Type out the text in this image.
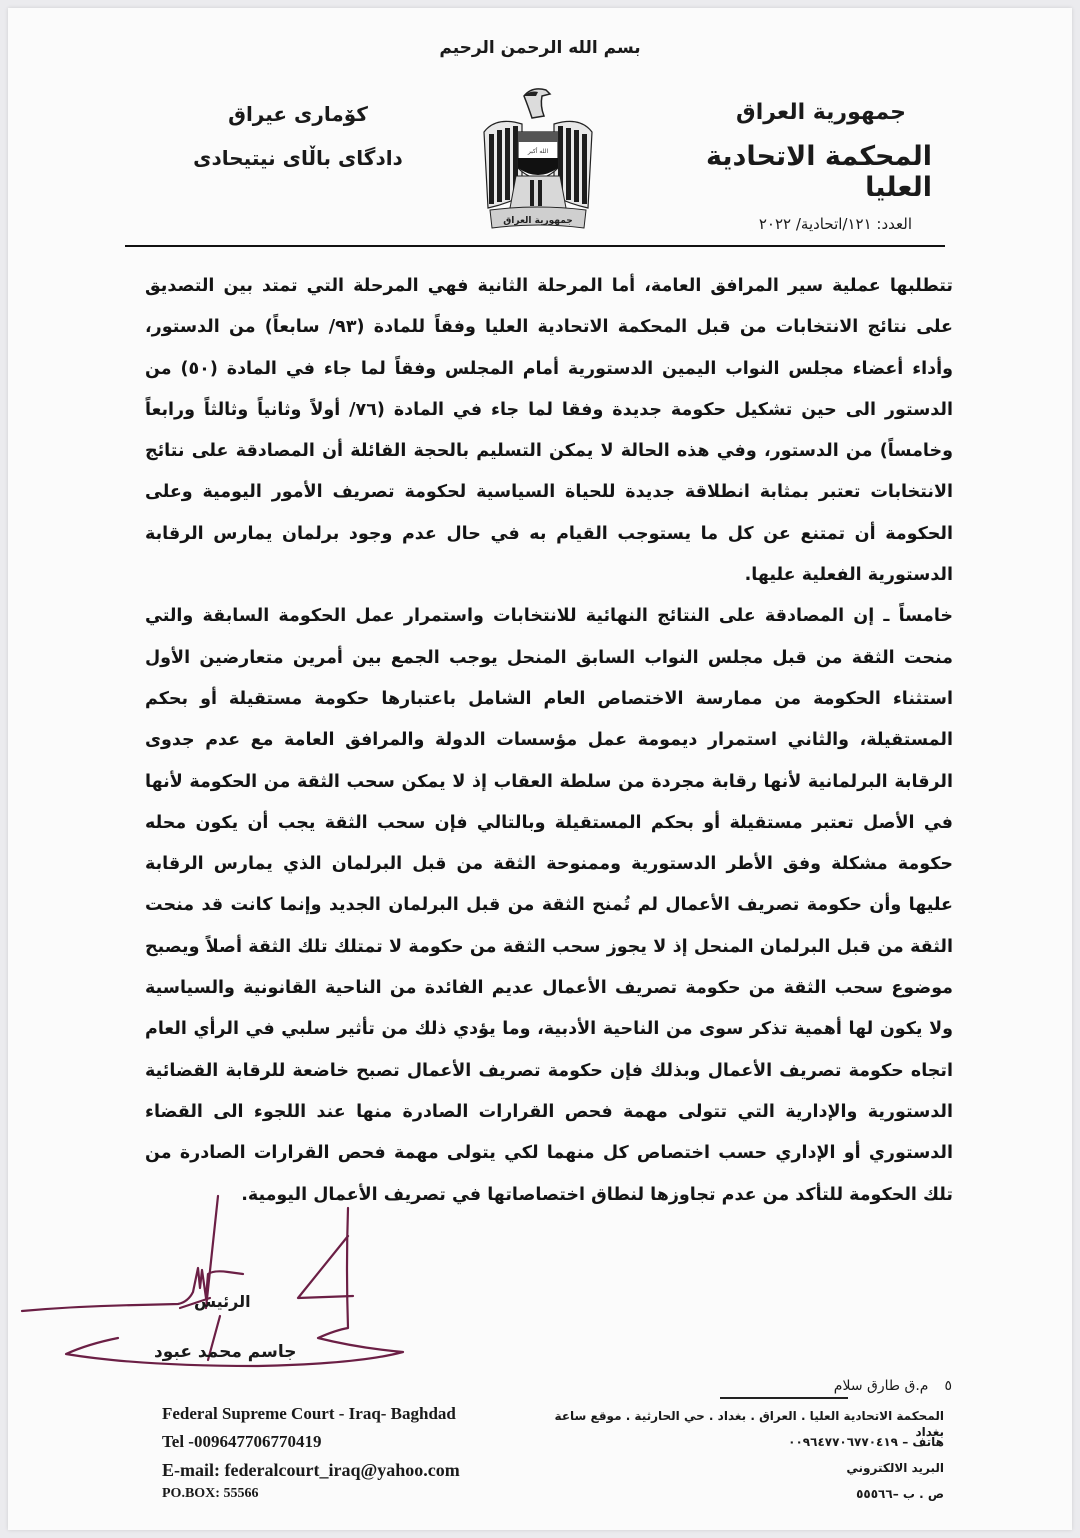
بسم الله الرحمن الرحيم
جمهورية العراق
المحكمة الاتحادية العليا
العدد: ١٢١/اتحادية/ ٢٠٢٢
كۆماری عیراق
دادگای باڵای نیتیحادی	الله أكبر
جمهورية العراق

تتطلبها عملية سير المرافق العامة، أما المرحلة الثانية فهي المرحلة التي تمتد بين التصديق على نتائج الانتخابات من قبل المحكمة الاتحادية العليا وفقاً للمادة (٩٣/ سابعاً) من الدستور، وأداء أعضاء مجلس النواب اليمين الدستورية أمام المجلس وفقاً لما جاء في المادة (٥٠) من الدستور الى حين تشكيل حكومة جديدة وفقا لما جاء في المادة (٧٦/ أولاً وثانياً وثالثاً ورابعاً وخامساً) من الدستور، وفي هذه الحالة لا يمكن التسليم بالحجة القائلة أن المصادقة على نتائج الانتخابات تعتبر بمثابة انطلاقة جديدة للحياة السياسية لحكومة تصريف الأمور اليومية وعلى الحكومة أن تمتنع عن كل ما يستوجب القيام به في حال عدم وجود برلمان يمارس الرقابة الدستورية الفعلية عليها.

خامساً ـ إن المصادقة على النتائج النهائية للانتخابات واستمرار عمل الحكومة السابقة والتي منحت الثقة من قبل مجلس النواب السابق المنحل يوجب الجمع بين أمرين متعارضين الأول استثناء الحكومة من ممارسة الاختصاص العام الشامل باعتبارها حكومة مستقيلة أو بحكم المستقيلة، والثاني استمرار ديمومة عمل مؤسسات الدولة والمرافق العامة مع عدم جدوى الرقابة البرلمانية لأنها رقابة مجردة من سلطة العقاب إذ لا يمكن سحب الثقة من الحكومة لأنها في الأصل تعتبر مستقيلة أو بحكم المستقيلة وبالتالي فإن سحب الثقة يجب أن يكون محله حكومة مشكلة وفق الأطر الدستورية وممنوحة الثقة من قبل البرلمان الذي يمارس الرقابة عليها وأن حكومة تصريف الأعمال لم تُمنح الثقة من قبل البرلمان الجديد وإنما كانت قد منحت الثقة من قبل البرلمان المنحل إذ لا يجوز سحب الثقة من حكومة لا تمتلك تلك الثقة أصلاً ويصبح موضوع سحب الثقة من حكومة تصريف الأعمال عديم الفائدة من الناحية القانونية والسياسية ولا يكون لها أهمية تذكر سوى من الناحية الأدبية، وما يؤدي ذلك من تأثير سلبي في الرأي العام اتجاه حكومة تصريف الأعمال وبذلك فإن حكومة تصريف الأعمال تصبح خاضعة للرقابة القضائية الدستورية والإدارية التي تتولى مهمة فحص القرارات الصادرة منها عند اللجوء الى القضاء الدستوري أو الإداري حسب اختصاص كل منهما لكي يتولى مهمة فحص القرارات الصادرة من تلك الحكومة للتأكد من عدم تجاوزها لنطاق اختصاصاتها في تصريف الأعمال اليومية.

الرئيس
جاسم محمد عبود
٥
م.ق طارق سلام
Federal Supreme Court - Iraq- Baghdad
Tel -009647706770419
E-mail: federalcourt_iraq@yahoo.com
PO.BOX: 55566
المحكمة الاتحادية العليا . العراق . بغداد . حي الحارثية . موقع ساعة بغداد
هاتف – ٠٠٩٦٤٧٧٠٦٧٧٠٤١٩
البريد الالكتروني
ص . ب –٥٥٥٦٦
